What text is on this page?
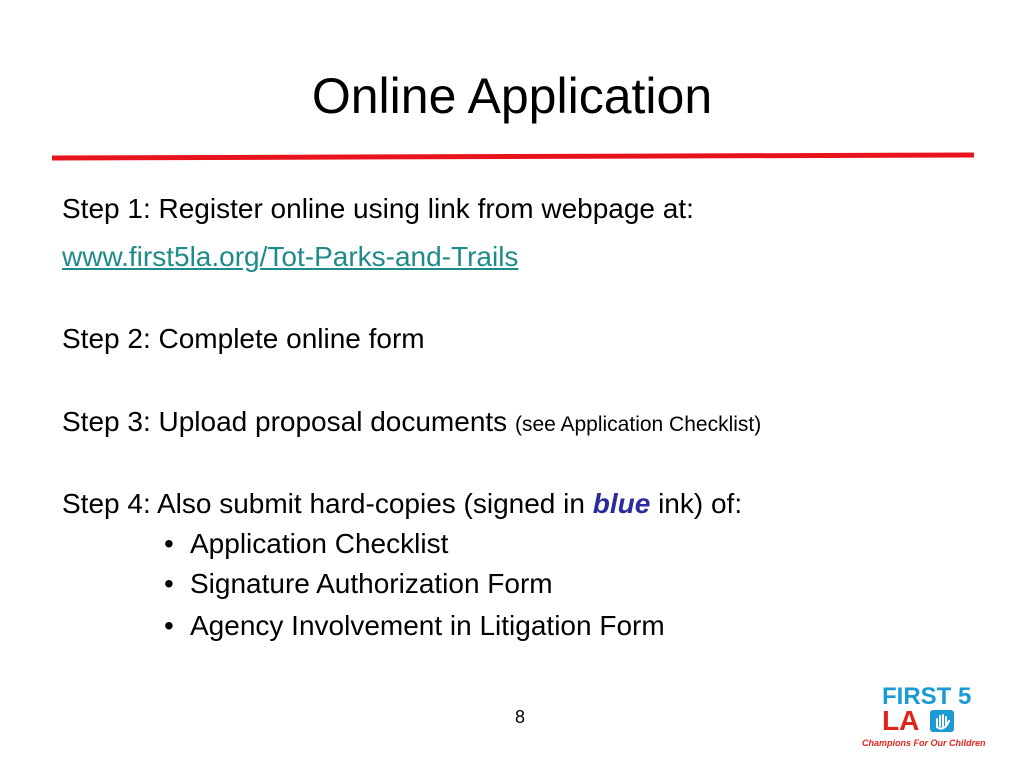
Online Application
Step 1: Register online using link from webpage at:
www.first5la.org/Tot-Parks-and-Trails
Step 2: Complete online form
Step 3: Upload proposal documents (see Application Checklist)
Step 4: Also submit hard-copies (signed in blue ink) of:
• Application Checklist
• Signature Authorization Form
• Agency Involvement in Litigation Form
8
FIRST 5
LA
Champions For Our Children
